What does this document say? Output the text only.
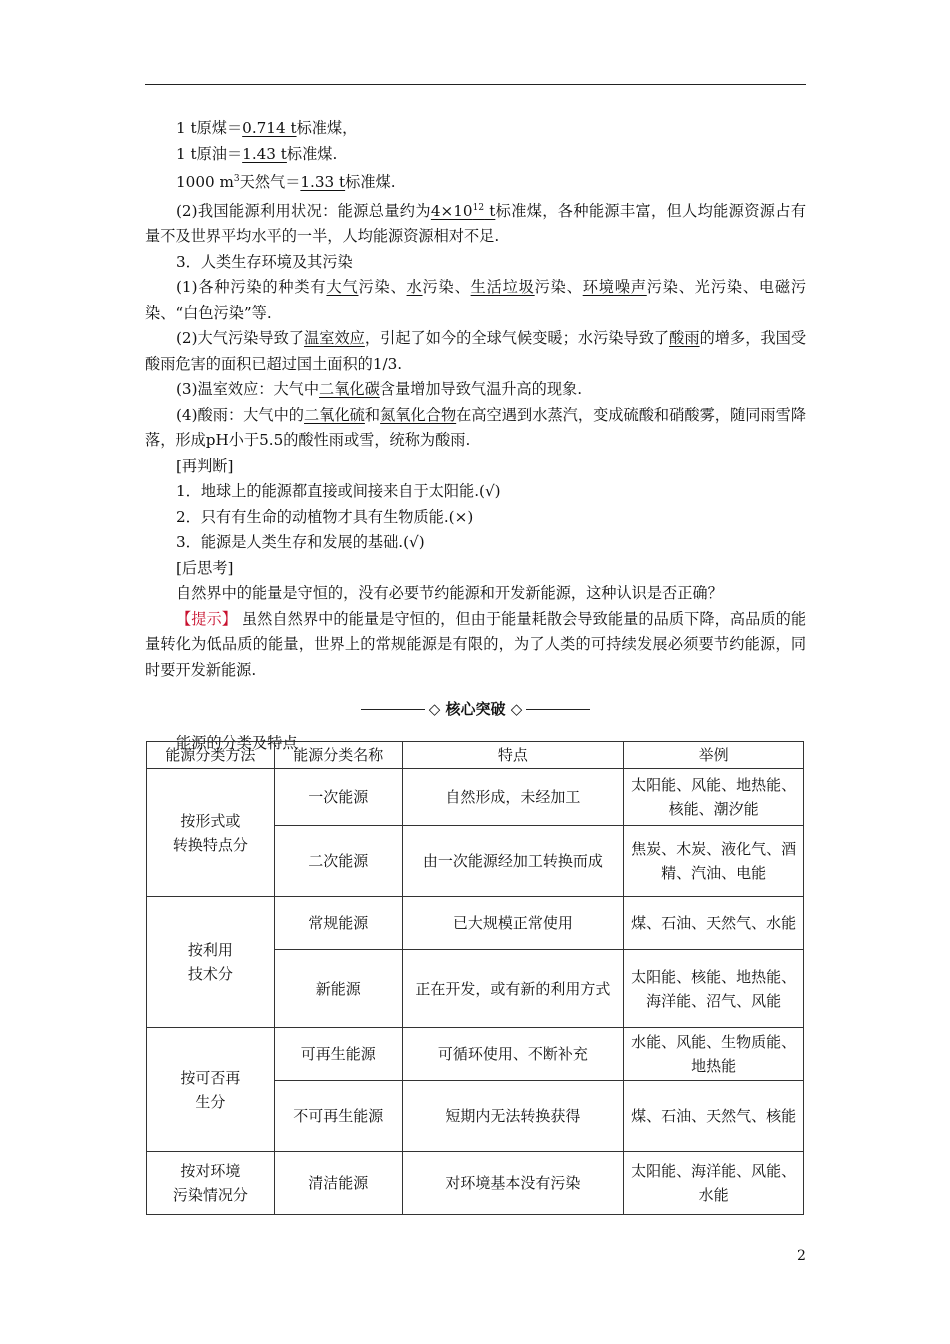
1 t原煤＝0.714 t标准煤，

1 t原油＝1.43 t标准煤.

1000 $m^3$天然气＝1.33 t标准煤.

(2)我国能源利用状况：能源总量约为$4\times 10^{12}$ t标准煤，各种能源丰富，但人均能源资源占有量不及世界平均水平的一半，人均能源资源相对不足.

3．人类生存环境及其污染

(1)各种污染的种类有大气污染、水污染、生活垃圾污染、环境噪声污染、光污染、电磁污染、“白色污染”等.

(2)大气污染导致了温室效应，引起了如今的全球气候变暖；水污染导致了酸雨的增多，我国受酸雨危害的面积已超过国土面积的1/3.

(3)温室效应：大气中二氧化碳含量增加导致气温升高的现象.

(4)酸雨：大气中的二氧化硫和氮氧化合物在高空遇到水蒸汽，变成硫酸和硝酸雾，随同雨雪降落，形成pH小于5.5的酸性雨或雪，统称为酸雨.

[再判断]

1．地球上的能源都直接或间接来自于太阳能.(√)

2．只有有生命的动植物才具有生物质能.(×)

3．能源是人类生存和发展的基础.(√)

[后思考]

自然界中的能量是守恒的，没有必要节约能源和开发新能源，这种认识是否正确？

【提示】 虽然自然界中的能量是守恒的，但由于能量耗散会导致能量的品质下降，高品质的能量转化为低品质的能量，世界上的常规能源是有限的，为了人类的可持续发展必须要节约能源，同时要开发新能源.

◇ 核心突破 ◇

能源的分类及特点

能源分类方法	能源分类名称	特点	举例
按形式或
转换特点分	一次能源	自然形成，未经加工	太阳能、风能、地热能、核能、潮汐能
	二次能源	由一次能源经加工转换而成	焦炭、木炭、液化气、酒精、汽油、电能
按利用
技术分	常规能源	已大规模正常使用	煤、石油、天然气、水能
	新能源	正在开发，或有新的利用方式	太阳能、核能、地热能、海洋能、沼气、风能
按可否再
生分	可再生能源	可循环使用、不断补充	水能、风能、生物质能、地热能
	不可再生能源	短期内无法转换获得	煤、石油、天然气、核能
按对环境
污染情况分	清洁能源	对环境基本没有污染	太阳能、海洋能、风能、水能
2
